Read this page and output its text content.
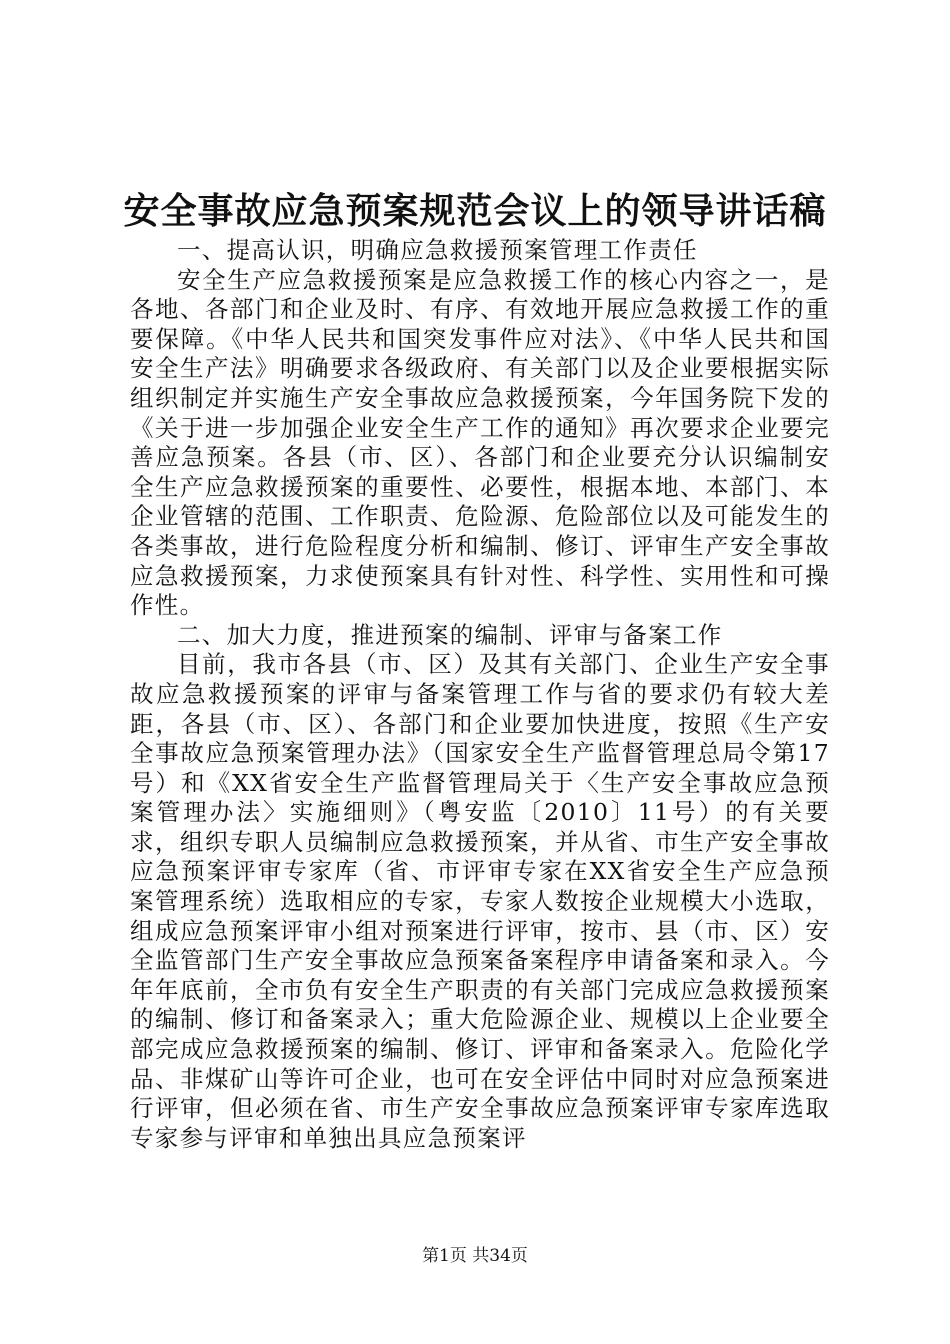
安全事故应急预案规范会议上的领导讲话稿

一、提高认识，明确应急救援预案管理工作责任

安全生产应急救援预案是应急救援工作的核心内容之一，是各地、各部门和企业及时、有序、有效地开展应急救援工作的重要保障。《中华人民共和国突发事件应对法》、《中华人民共和国安全生产法》明确要求各级政府、有关部门以及企业要根据实际组织制定并实施生产安全事故应急救援预案，今年国务院下发的《关于进一步加强企业安全生产工作的通知》再次要求企业要完善应急预案。各县（市、区）、各部门和企业要充分认识编制安全生产应急救援预案的重要性、必要性，根据本地、本部门、本企业管辖的范围、工作职责、危险源、危险部位以及可能发生的各类事故，进行危险程度分析和编制、修订、评审生产安全事故应急救援预案，力求使预案具有针对性、科学性、实用性和可操作性。

二、加大力度，推进预案的编制、评审与备案工作

目前，我市各县（市、区）及其有关部门、企业生产安全事故应急救援预案的评审与备案管理工作与省的要求仍有较大差距，各县（市、区）、各部门和企业要加快进度，按照《生产安全事故应急预案管理办法》（国家安全生产监督管理总局令第17号）和《XX省安全生产监督管理局关于〈生产安全事故应急预案管理办法〉实施细则》（粤安监〔2010〕11号）的有关要求，组织专职人员编制应急救援预案，并从省、市生产安全事故应急预案评审专家库（省、市评审专家在XX省安全生产应急预案管理系统）选取相应的专家，专家人数按企业规模大小选取，组成应急预案评审小组对预案进行评审，按市、县（市、区）安全监管部门生产安全事故应急预案备案程序申请备案和录入。今年年底前，全市负有安全生产职责的有关部门完成应急救援预案的编制、修订和备案录入；重大危险源企业、规模以上企业要全部完成应急救援预案的编制、修订、评审和备案录入。危险化学品、非煤矿山等许可企业，也可在安全评估中同时对应急预案进行评审，但必须在省、市生产安全事故应急预案评审专家库选取专家参与评审和单独出具应急预案评

第1页 共34页
